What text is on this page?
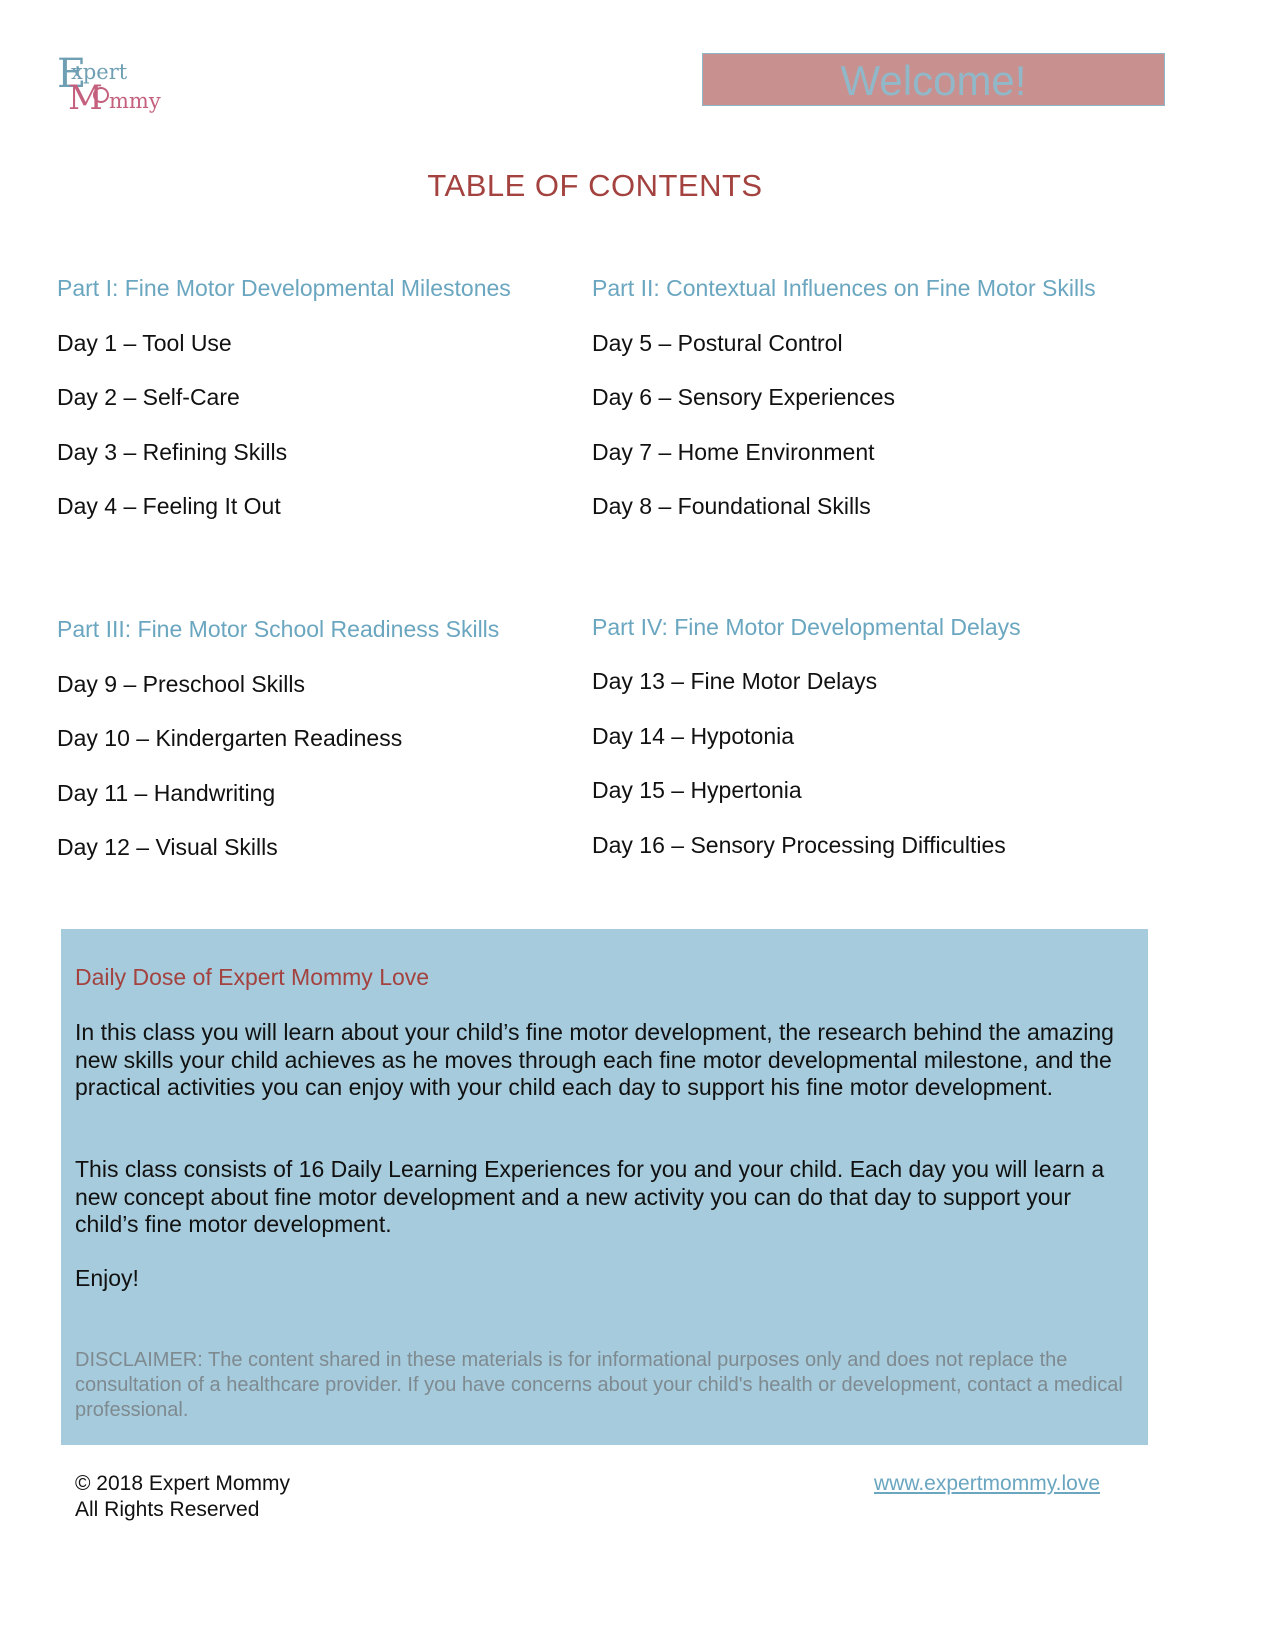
E
xpert
M mmy	Welcome!
TABLE OF CONTENTS
Part I: Fine Motor Developmental Milestones
Day 1 – Tool Use
Day 2 – Self-Care
Day 3 – Refining Skills
Day 4 – Feeling It Out
Part II: Contextual Influences on Fine Motor Skills
Day 5 – Postural Control
Day 6 – Sensory Experiences
Day 7 – Home Environment
Day 8 – Foundational Skills
Part III: Fine Motor School Readiness Skills
Day 9 – Preschool Skills
Day 10 – Kindergarten Readiness
Day 11 – Handwriting
Day 12 – Visual Skills
Part IV: Fine Motor Developmental Delays
Day 13 – Fine Motor Delays
Day 14 – Hypotonia
Day 15 – Hypertonia
Day 16 – Sensory Processing Difficulties
Daily Dose of Expert Mommy Love
In this class you will learn about your child’s fine motor development, the research behind the amazing new skills your child achieves as he moves through each fine motor developmental milestone, and the practical activities you can enjoy with your child each day to support his fine motor development.
This class consists of 16 Daily Learning Experiences for you and your child. Each day you will learn a new concept about fine motor development and a new activity you can do that day to support your child’s fine motor development.
Enjoy!
DISCLAIMER: The content shared in these materials is for informational purposes only and does not replace the consultation of a healthcare provider. If you have concerns about your child's health or development, contact a medical professional.
© 2018 Expert Mommy
All Rights Reserved
www.expertmommy.love
